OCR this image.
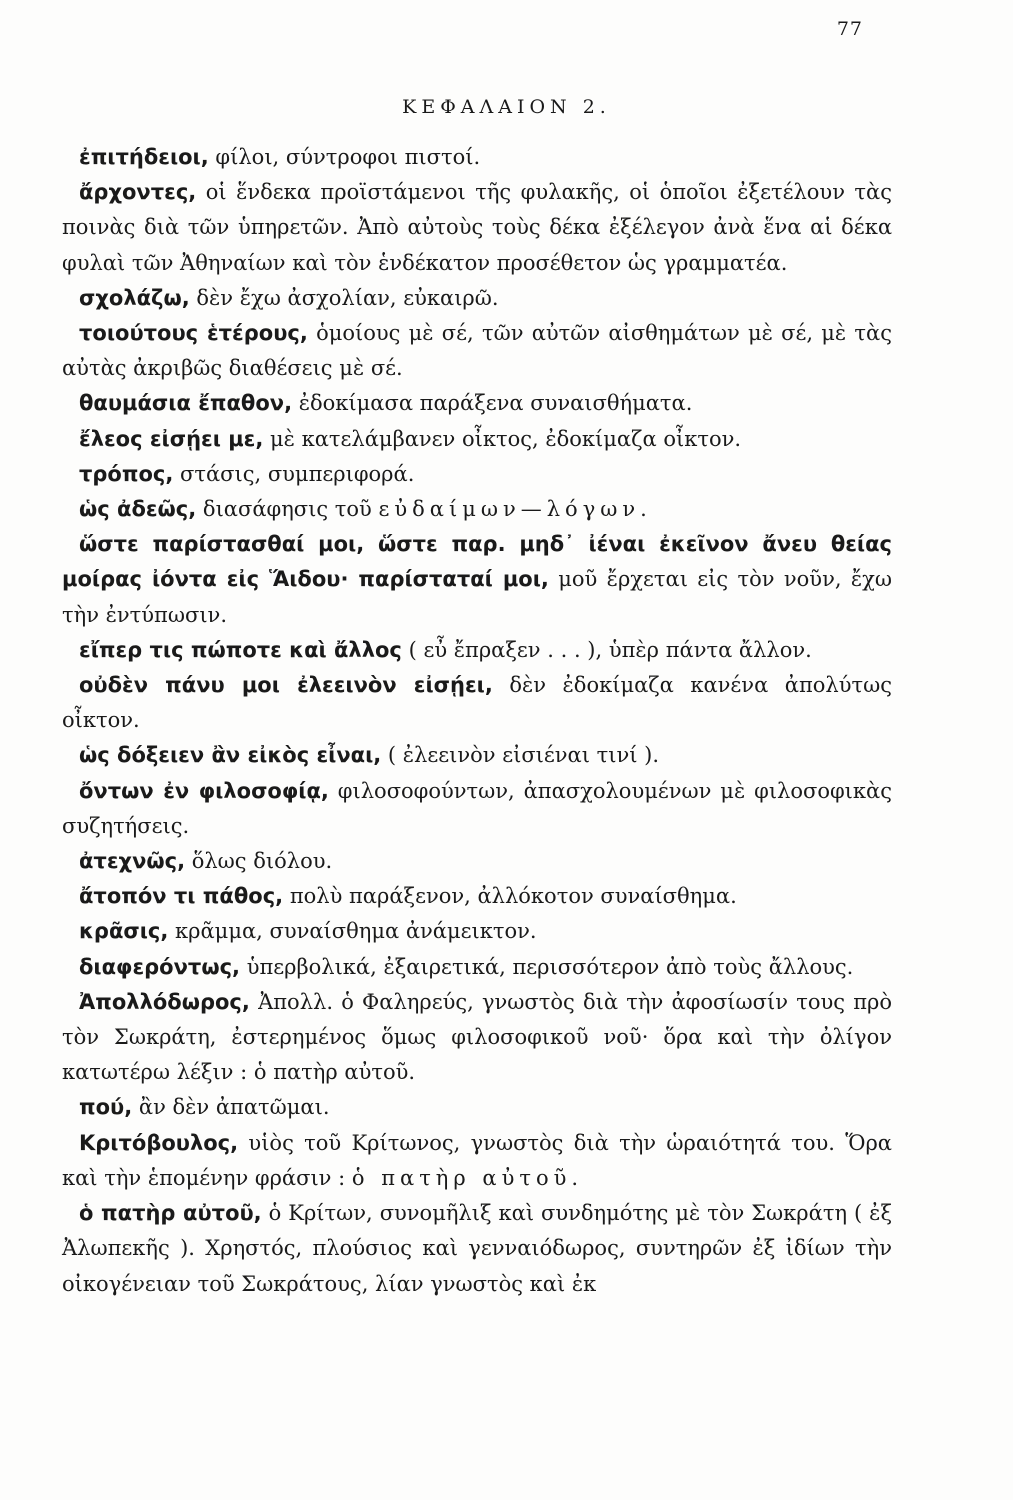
77
ΚΕΦΑΛΑΙΟΝ 2.

ἐπιτήδειοι, φίλοι, σύντροφοι πιστοί.

ἄρχοντες, οἱ ἕνδεκα προϊστάμενοι τῆς φυλακῆς, οἱ ὁποῖοι ἐξετέλουν τὰς ποινὰς διὰ τῶν ὑπηρετῶν. Ἀπὸ αὐτοὺς τοὺς δέκα ἐξέλεγον ἀνὰ ἕνα αἱ δέκα φυλαὶ τῶν Ἀθηναίων καὶ τὸν ἑνδέκατον προσέθετον ὡς γραμματέα.

σχολάζω, δὲν ἔχω ἀσχολίαν, εὐκαιρῶ.

τοιούτους ἑτέρους, ὁμοίους μὲ σέ, τῶν αὐτῶν αἰσθημάτων μὲ σέ, μὲ τὰς αὐτὰς ἀκριβῶς διαθέσεις μὲ σέ.

θαυμάσια ἔπαθον, ἐδοκίμασα παράξενα συναισθήματα.

ἔλεος εἰσῄει με, μὲ κατελάμβανεν οἶκτος, ἐδοκίμαζα οἶκτον.

τρόπος, στάσις, συμπεριφορά.

ὡς ἀδεῶς, διασάφησις τοῦ εὐδαίμων—λόγων.

ὥστε παρίστασθαί μοι, ὥστε παρ. μηδ᾽ ἰέναι ἐκεῖνον ἄνευ θείας μοίρας ἰόντα εἰς Ἅιδου· παρίσταταί μοι, μοῦ ἔρχεται εἰς τὸν νοῦν, ἔχω τὴν ἐντύπωσιν.

εἴπερ τις πώποτε καὶ ἄλλος ( εὖ ἔπραξεν . . . ), ὑπὲρ πάντα ἄλλον.

οὐδὲν πάνυ μοι ἐλεεινὸν εἰσῄει, δὲν ἐδοκίμαζα κανένα ἀπολύτως οἶκτον.

ὡς δόξειεν ἂν εἰκὸς εἶναι, ( ἐλεεινὸν εἰσιέναι τινί ).

ὄντων ἐν φιλοσοφίᾳ, φιλοσοφούντων, ἀπασχολουμένων μὲ φιλοσοφικὰς συζητήσεις.

ἀτεχνῶς, ὅλως διόλου.

ἄτοπόν τι πάθος, πολὺ παράξενον, ἀλλόκοτον συναίσθημα.

κρᾶσις, κρᾶμμα, συναίσθημα ἀνάμεικτον.

διαφερόντως, ὑπερβολικά, ἐξαιρετικά, περισσότερον ἀπὸ τοὺς ἄλλους.

Ἀπολλόδωρος, Ἀπολλ. ὁ Φαληρεύς, γνωστὸς διὰ τὴν ἀφοσίωσίν τους πρὸ τὸν Σωκράτη, ἐστερημένος ὅμως φιλοσοφικοῦ νοῦ· ὅρα καὶ τὴν ὀλίγον κατωτέρω λέξιν : ὁ πατὴρ αὐτοῦ.

πού, ἂν δὲν ἀπατῶμαι.

Κριτόβουλος, υἱὸς τοῦ Κρίτωνος, γνωστὸς διὰ τὴν ὡραιότητά του. Ὅρα καὶ τὴν ἑπομένην φράσιν : ὁ πατὴρ αὐτοῦ.

ὁ πατὴρ αὐτοῦ, ὁ Κρίτων, συνομῆλιξ καὶ συνδημότης μὲ τὸν Σωκράτη ( ἐξ Ἀλωπεκῆς ). Χρηστός, πλούσιος καὶ γενναιόδωρος, συντηρῶν ἐξ ἰδίων τὴν οἰκογένειαν τοῦ Σωκράτους, λίαν γνωστὸς καὶ ἐκ
